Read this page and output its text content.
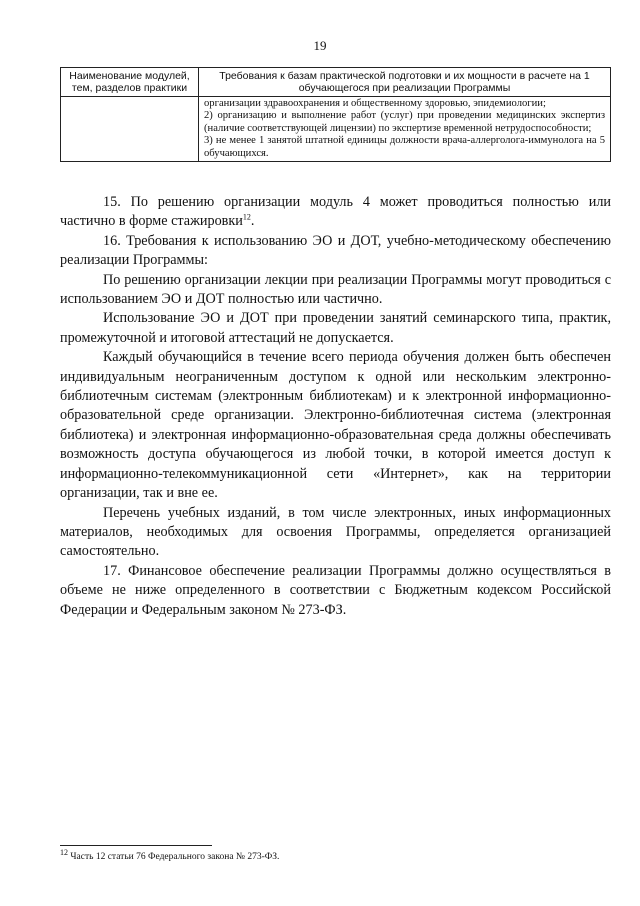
19
Наименование модулей, тем, разделов практики	Требования к базам практической подготовки и их мощности в расчете на 1 обучающегося при реализации Программы

	организации здравоохранения и общественному здоровью, эпидемиологии;
2) организацию и выполнение работ (услуг) при проведении медицинских экспертиз (наличие соответствующей лицензии) по экспертизе временной нетрудоспособности;
3) не менее 1 занятой штатной единицы должности врача-аллерголога-иммунолога на 5 обучающихся.

15. По решению организации модуль 4 может проводиться полностью или частично в форме стажировки$^{12}$.

16. Требования к использованию ЭО и ДОТ, учебно-методическому обеспечению реализации Программы:

По решению организации лекции при реализации Программы могут проводиться с использованием ЭО и ДОТ полностью или частично.

Использование ЭО и ДОТ при проведении занятий семинарского типа, практик, промежуточной и итоговой аттестаций не допускается.

Каждый обучающийся в течение всего периода обучения должен быть обеспечен индивидуальным неограниченным доступом к одной или нескольким электронно-библиотечным системам (электронным библиотекам) и к электронной информационно-образовательной среде организации. Электронно-библиотечная система (электронная библиотека) и электронная информационно-образовательная среда должны обеспечивать возможность доступа обучающегося из любой точки, в которой имеется доступ к информационно-телекоммуникационной сети «Интернет», как на территории организации, так и вне ее.

Перечень учебных изданий, в том числе электронных, иных информационных материалов, необходимых для освоения Программы, определяется организацией самостоятельно.

17. Финансовое обеспечение реализации Программы должно осуществляться в объеме не ниже определенного в соответствии с Бюджетным кодексом Российской Федерации и Федеральным законом № 273-ФЗ.

$^{12}$ Часть 12 статьи 76 Федерального закона № 273-ФЗ.
